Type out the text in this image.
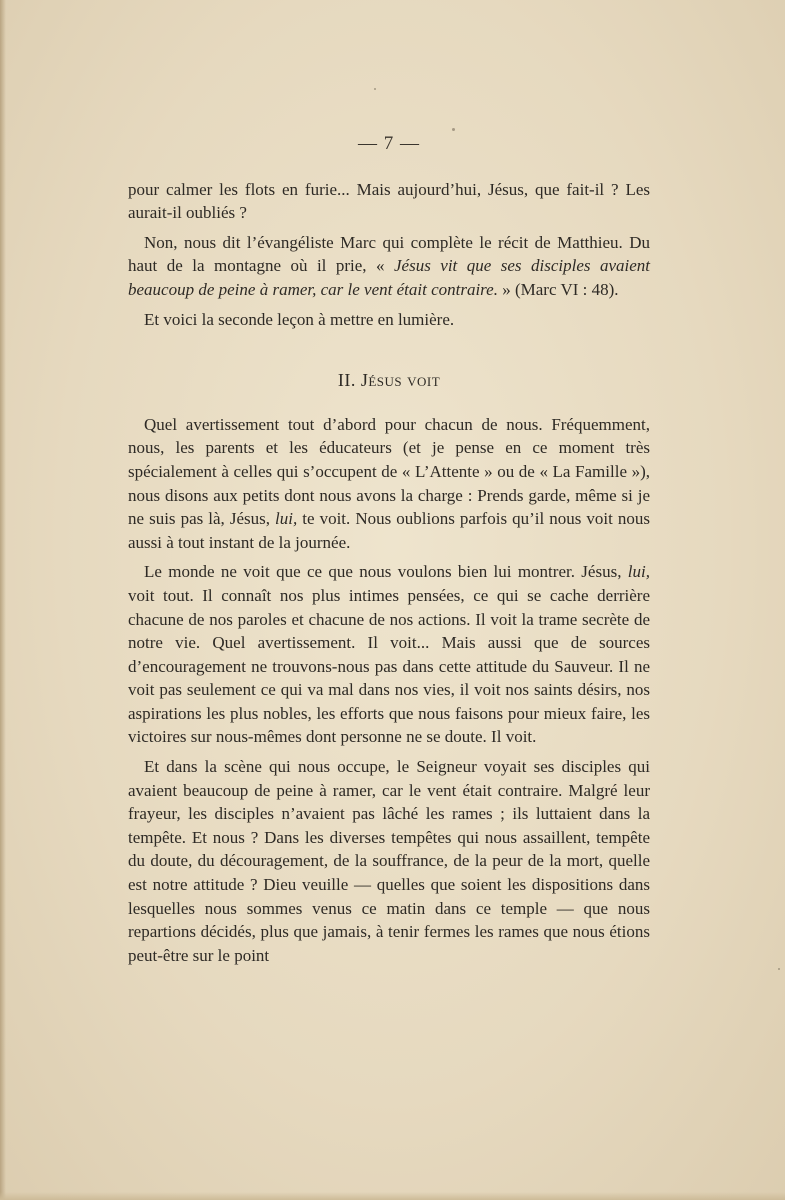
— 7 —

pour calmer les flots en furie... Mais aujourd’hui, Jésus, que fait-il ? Les aurait-il oubliés ?

Non, nous dit l’évangéliste Marc qui complète le récit de Matthieu. Du haut de la montagne où il prie, « Jésus vit que ses disciples avaient beaucoup de peine à ramer, car le vent était contraire. » (Marc VI : 48).

Et voici la seconde leçon à mettre en lumière.

II. Jésus voit

Quel avertissement tout d’abord pour chacun de nous. Fréquemment, nous, les parents et les éducateurs (et je pense en ce moment très spécialement à celles qui s’occupent de « L’Attente » ou de « La Famille »), nous disons aux petits dont nous avons la charge : Prends garde, même si je ne suis pas là, Jésus, lui, te voit. Nous oublions parfois qu’il nous voit nous aussi à tout instant de la journée.

Le monde ne voit que ce que nous voulons bien lui montrer. Jésus, lui, voit tout. Il connaît nos plus intimes pensées, ce qui se cache derrière chacune de nos paroles et chacune de nos actions. Il voit la trame secrète de notre vie. Quel avertissement. Il voit... Mais aussi que de sources d’encouragement ne trouvons-nous pas dans cette attitude du Sauveur. Il ne voit pas seulement ce qui va mal dans nos vies, il voit nos saints désirs, nos aspirations les plus nobles, les efforts que nous faisons pour mieux faire, les victoires sur nous-mêmes dont personne ne se doute. Il voit.

Et dans la scène qui nous occupe, le Seigneur voyait ses disciples qui avaient beaucoup de peine à ramer, car le vent était contraire. Malgré leur frayeur, les disciples n’avaient pas lâché les rames ; ils luttaient dans la tempête. Et nous ? Dans les diverses tempêtes qui nous assaillent, tempête du doute, du découragement, de la souffrance, de la peur de la mort, quelle est notre attitude ? Dieu veuille — quelles que soient les dispositions dans lesquelles nous sommes venus ce matin dans ce temple — que nous repartions décidés, plus que jamais, à tenir fermes les rames que nous étions peut-être sur le point
